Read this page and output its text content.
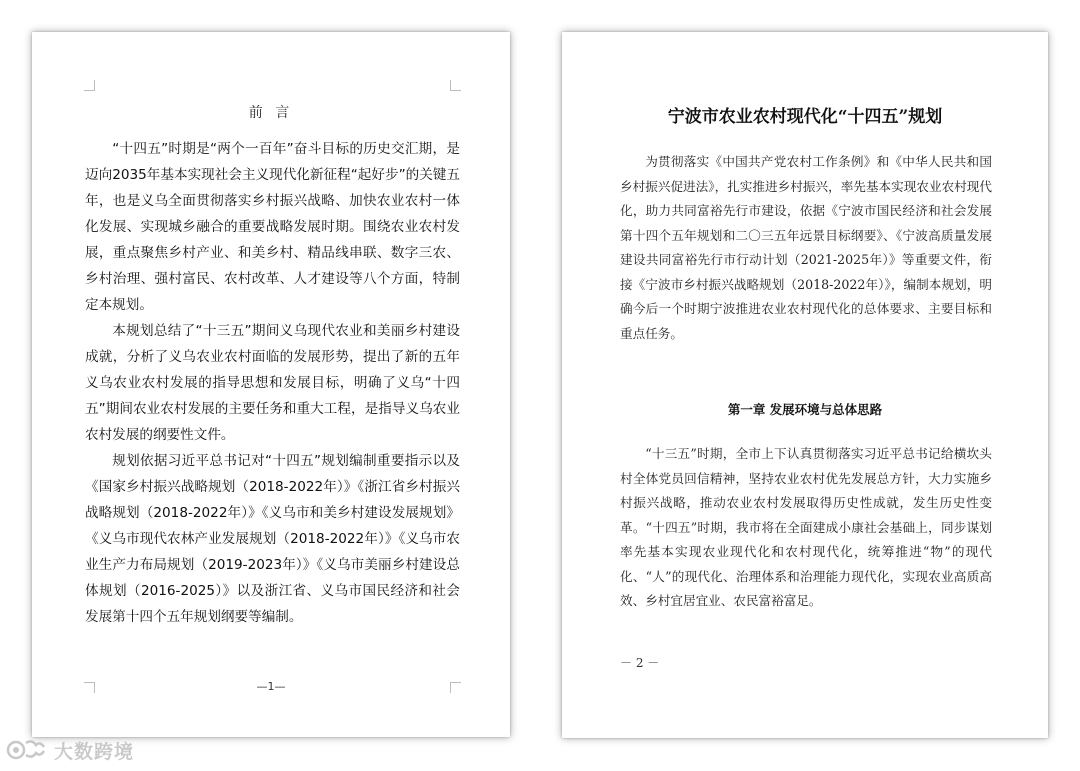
前 言

“十四五”时期是“两个一百年”奋斗目标的历史交汇期，是迈向2035年基本实现社会主义现代化新征程“起好步”的关键五年，也是义乌全面贯彻落实乡村振兴战略、加快农业农村一体化发展、实现城乡融合的重要战略发展时期。围绕农业农村发展，重点聚焦乡村产业、和美乡村、精品线串联、数字三农、乡村治理、强村富民、农村改革、人才建设等八个方面，特制定本规划。

本规划总结了“十三五”期间义乌现代农业和美丽乡村建设成就，分析了义乌农业农村面临的发展形势，提出了新的五年义乌农业农村发展的指导思想和发展目标，明确了义乌“十四五”期间农业农村发展的主要任务和重大工程，是指导义乌农业农村发展的纲要性文件。

规划依据习近平总书记对“十四五”规划编制重要指示以及《国家乡村振兴战略规划（2018-2022年）》《浙江省乡村振兴战略规划（2018-2022年）》《义乌市和美乡村建设发展规划》《义乌市现代农林产业发展规划（2018-2022年）》《义乌市农业生产力布局规划（2019-2023年）》《义乌市美丽乡村建设总体规划（2016-2025）》以及浙江省、义乌市国民经济和社会发展第十四个五年规划纲要等编制。

—1—
宁波市农业农村现代化“十四五”规划

为贯彻落实《中国共产党农村工作条例》和《中华人民共和国乡村振兴促进法》，扎实推进乡村振兴，率先基本实现农业农村现代化，助力共同富裕先行市建设，依据《宁波市国民经济和社会发展第十四个五年规划和二〇三五年远景目标纲要》、《宁波高质量发展建设共同富裕先行市行动计划（2021-2025年）》等重要文件，衔接《宁波市乡村振兴战略规划（2018-2022年）》，编制本规划，明确今后一个时期宁波推进农业农村现代化的总体要求、主要目标和重点任务。

第一章 发展环境与总体思路

“十三五”时期，全市上下认真贯彻落实习近平总书记给横坎头村全体党员回信精神，坚持农业农村优先发展总方针，大力实施乡村振兴战略，推动农业农村发展取得历史性成就，发生历史性变革。“十四五”时期，我市将在全面建成小康社会基础上，同步谋划率先基本实现农业现代化和农村现代化，统筹推进“物”的现代化、“人”的现代化、治理体系和治理能力现代化，实现农业高质高效、乡村宜居宜业、农民富裕富足。

－ 2 －
大数跨境
